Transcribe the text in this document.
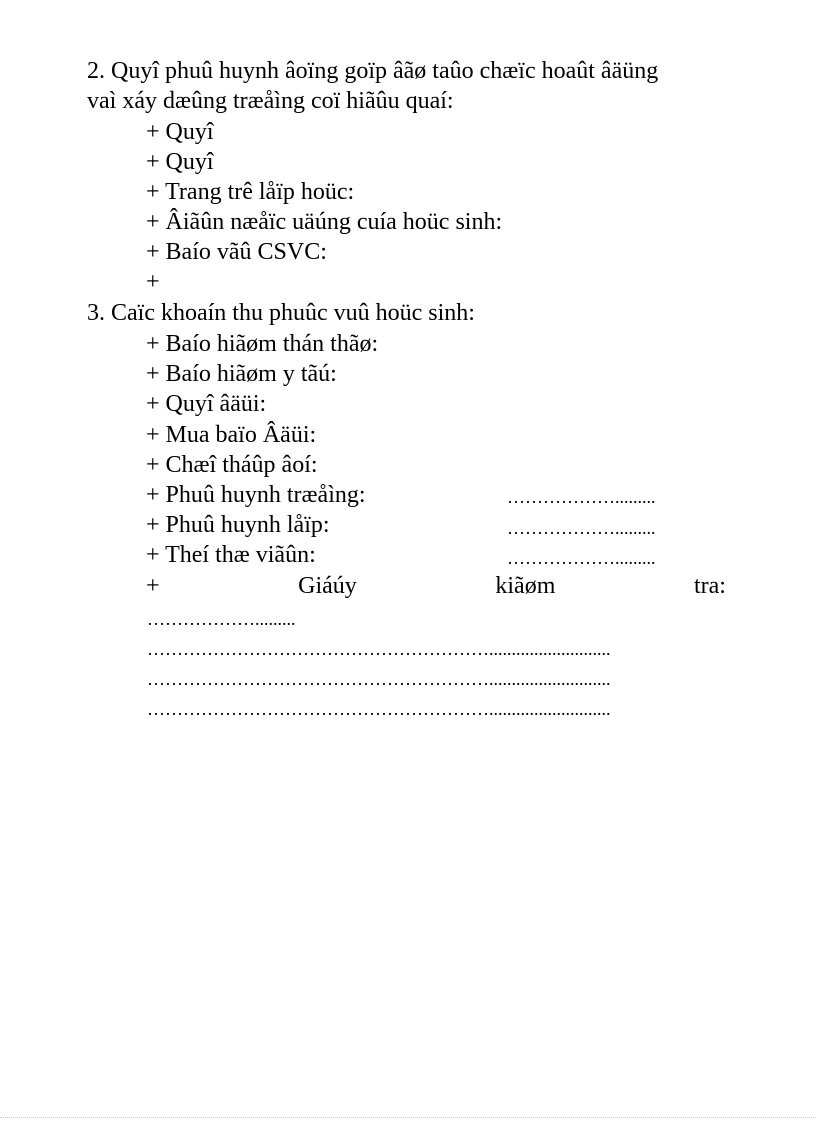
2. Quyî phuû huynh âoïng goïp âãø taûo chæïc hoaût âäüng
vaì xáy dæûng træåìng coï hiãûu quaí:
+ Quyî
+ Quyî
+ Trang trê låïp hoüc:
+ Âiãûn næåïc uäúng cuía hoüc sinh:
+ Baío vãû CSVC:
+
3. Caïc khoaín thu phuûc vuû hoüc sinh:
+ Baío hiãøm thán thãø:
+ Baío hiãøm y tãú:
+ Quyî âäüi:
+ Mua baïo Âäüi:
+ Chæî tháûp âoí:
+ Phuû huynh træåìng:	……………….........
+ Phuû huynh låïp:	……………….........
+ Theí thæ viãûn:	……………….........
+	Giáúy	kiãøm	tra:
……………….........
…………………………………………………...........................
…………………………………………………...........................
…………………………………………………...........................
